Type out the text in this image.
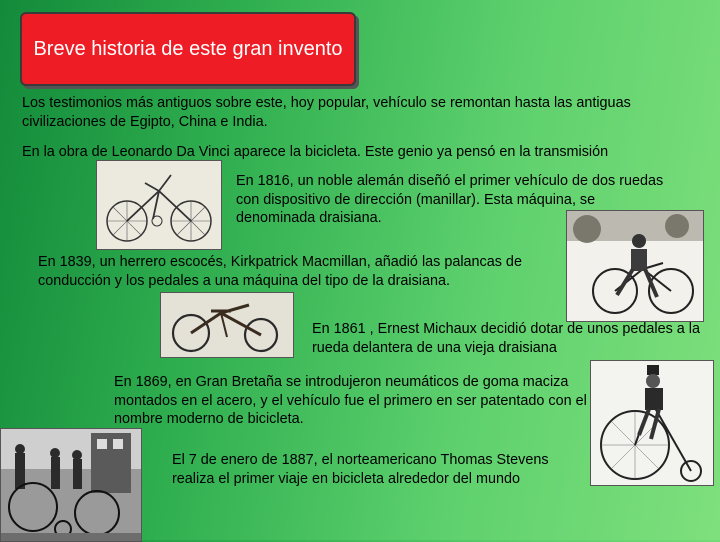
Breve historia de este gran invento
Los testimonios más antiguos sobre este, hoy popular, vehículo se remontan hasta las antiguas civilizaciones de Egipto, China e India.
En la obra de Leonardo Da Vinci aparece la bicicleta. Este genio ya pensó en la transmisión
En 1816, un noble alemán diseñó el primer vehículo de dos ruedas con dispositivo de dirección (manillar). Esta máquina, se denominada draisiana.
En 1839, un herrero escocés, Kirkpatrick Macmillan, añadió las palancas de conducción y los pedales a una máquina del tipo de la draisiana.
En 1861 , Ernest Michaux decidió dotar de unos pedales a la rueda delantera de una vieja draisiana
En 1869, en Gran Bretaña se introdujeron neumáticos de goma maciza montados en el acero, y el vehículo fue el primero en ser patentado con el nombre moderno de bicicleta.
El 7 de enero de 1887, el norteamericano Thomas Stevens realiza el primer viaje en bicicleta alrededor del mundo
